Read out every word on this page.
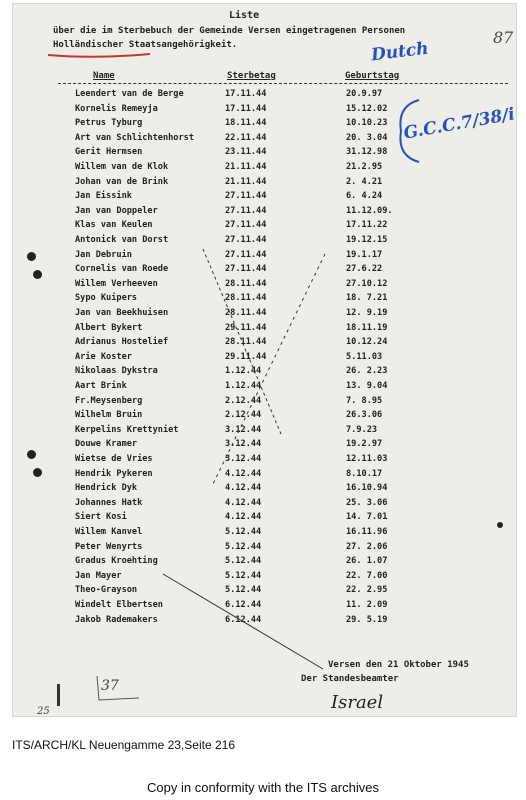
Liste
87
über die im Sterbebuch der Gemeinde Versen eingetragenen Personen
Holländischer Staatsangehörigkeit.	Dutch
Name	Sterbetag	Geburtstag
G.C.C.7/38/i
Leendert van de Berge	17.11.44	20.9.97
Kornelis Remeyja	17.11.44	15.12.02
Petrus Tyburg	18.11.44	10.10.23
Art van Schlichtenhorst	22.11.44	20. 3.04
Gerit Hermsen	23.11.44	31.12.98
Willem van de Klok	21.11.44	21.2.95
Johan van de Brink	21.11.44	2. 4.21
Jan Eissink	27.11.44	6. 4.24
Jan van Doppeler	27.11.44	11.12.09.
Klas van Keulen	27.11.44	17.11.22
Antonick van Dorst	27.11.44	19.12.15
Jan Debruin	27.11.44	19.1.17
Cornelis van Roede	27.11.44	27.6.22
Willem Verheeven	28.11.44	27.10.12
Sypo Kuipers	28.11.44	18. 7.21
Jan van Beekhuisen	28.11.44	12. 9.19
Albert Bykert	29.11.44	18.11.19
Adrianus Hostelief	28.11.44	10.12.24
Arie Koster	29.11.44	5.11.03
Nikolaas Dykstra	1.12.44	26. 2.23
Aart Brink	1.12.44	13. 9.04
Fr.Meysenberg	2.12.44	7. 8.95
Wilhelm Bruin	2.12.44	26.3.06
Kerpelins Krettyniet	3.12.44	7.9.23
Douwe Kramer	3.12.44	19.2.97
Wietse de Vries	3.12.44	12.11.03
Hendrik Pykeren	4.12.44	8.10.17
Hendrick Dyk	4.12.44	16.10.94
Johannes Hatk	4.12.44	25. 3.06
Siert Kosi	4.12.44	14. 7.01
Willem Kanvel	5.12.44	16.11.96
Peter Wenyrts	5.12.44	27. 2.06
Gradus Kroehting	5.12.44	26. 1.07
Jan Mayer	5.12.44	22. 7.00
Theo-Grayson	5.12.44	22. 2.95
Windelt Elbertsen	6.12.44	11. 2.09
Jakob Rademakers	6.12.44	29. 5.19
Versen den 21 Oktober 1945
Der Standesbeamter
Israel
37
25
ITS/ARCH/KL Neuengamme 23,Seite 216
Copy in conformity with the ITS archives
